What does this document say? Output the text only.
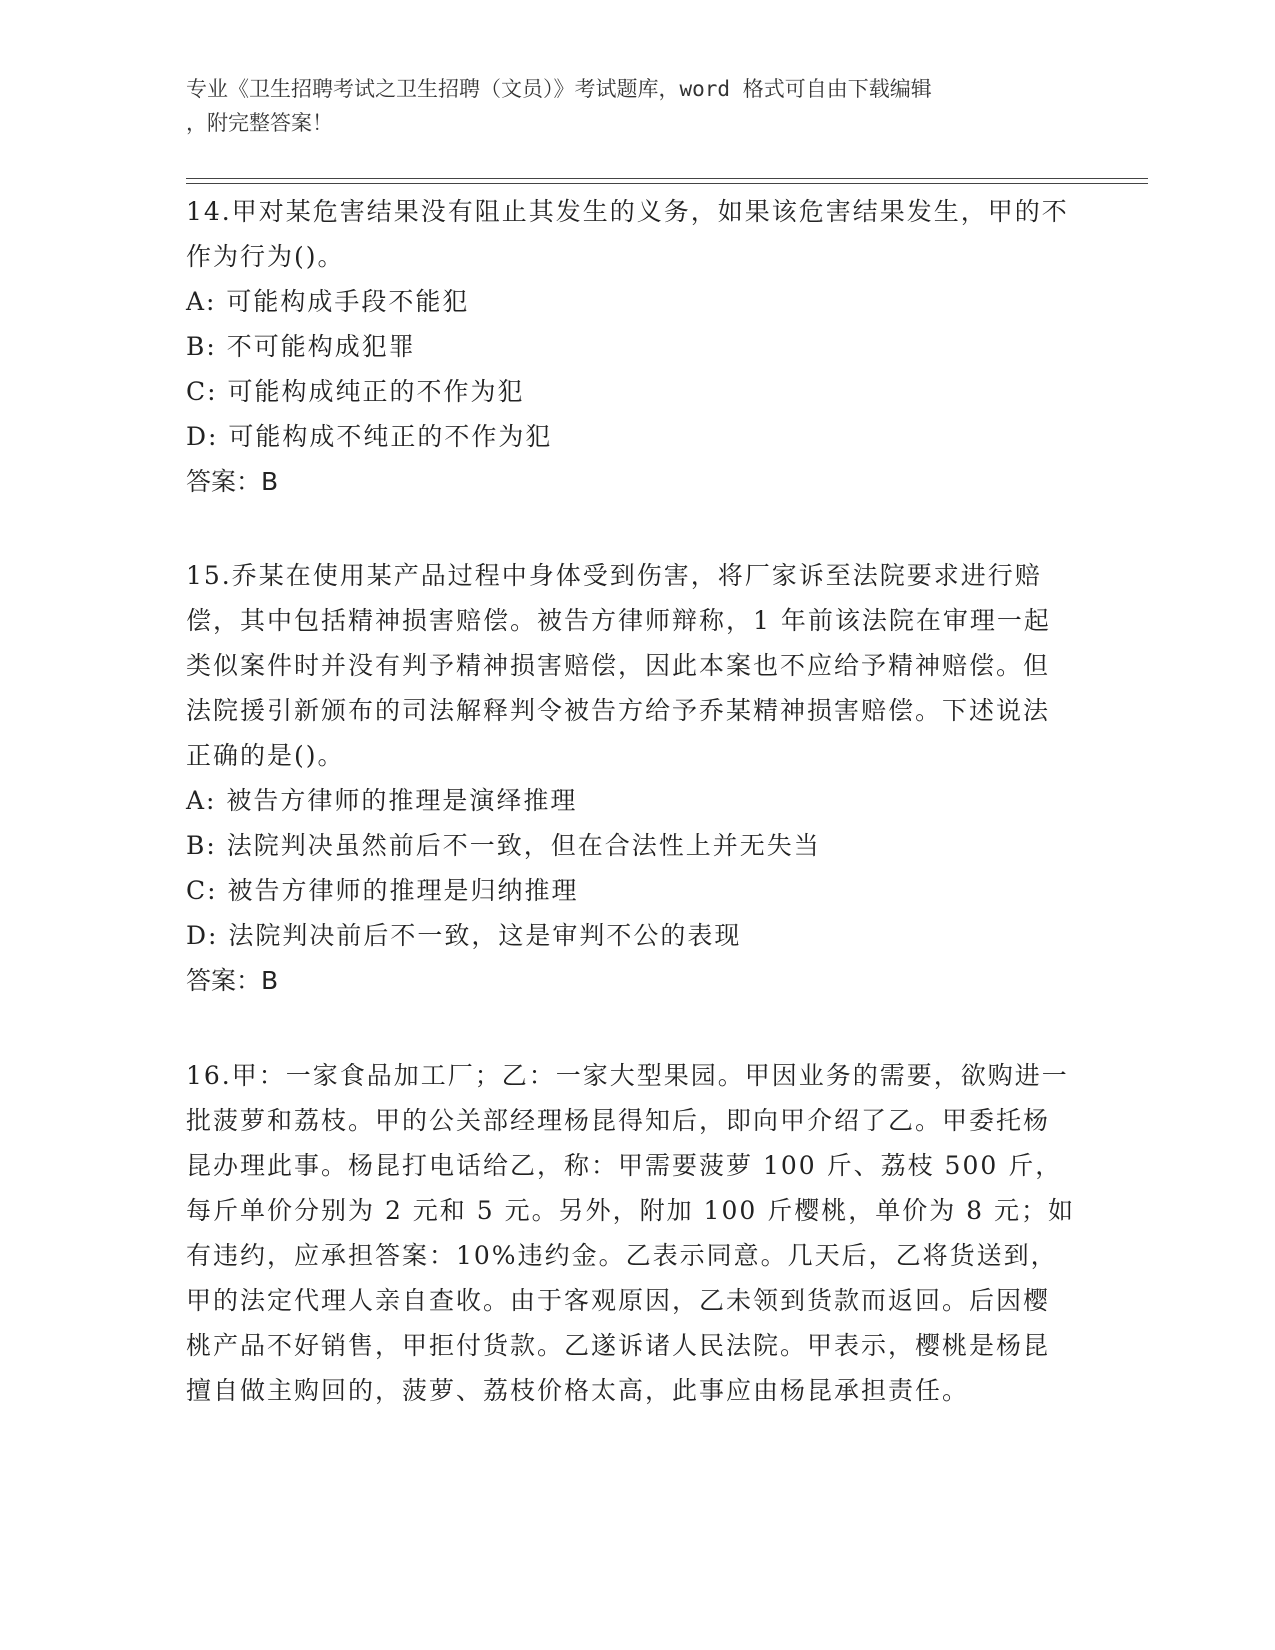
专业《卫生招聘考试之卫生招聘（文员）》考试题库，word 格式可自由下载编辑
，附完整答案！

14.甲对某危害结果没有阻止其发生的义务，如果该危害结果发生，甲的不作为行为()。

A: 可能构成手段不能犯

B: 不可能构成犯罪

C: 可能构成纯正的不作为犯

D: 可能构成不纯正的不作为犯

答案：B

15.乔某在使用某产品过程中身体受到伤害，将厂家诉至法院要求进行赔偿，其中包括精神损害赔偿。被告方律师辩称，1 年前该法院在审理一起类似案件时并没有判予精神损害赔偿，因此本案也不应给予精神赔偿。但法院援引新颁布的司法解释判令被告方给予乔某精神损害赔偿。下述说法正确的是()。

A: 被告方律师的推理是演绎推理

B: 法院判决虽然前后不一致，但在合法性上并无失当

C: 被告方律师的推理是归纳推理

D: 法院判决前后不一致，这是审判不公的表现

答案：B

16.甲：一家食品加工厂；乙：一家大型果园。甲因业务的需要，欲购进一批菠萝和荔枝。甲的公关部经理杨昆得知后，即向甲介绍了乙。甲委托杨昆办理此事。杨昆打电话给乙，称：甲需要菠萝 100 斤、荔枝 500 斤，每斤单价分别为 2 元和 5 元。另外，附加 100 斤樱桃，单价为 8 元；如有违约，应承担答案：10%违约金。乙表示同意。几天后，乙将货送到，甲的法定代理人亲自查收。由于客观原因，乙未领到货款而返回。后因樱桃产品不好销售，甲拒付货款。乙遂诉诸人民法院。甲表示，樱桃是杨昆擅自做主购回的，菠萝、荔枝价格太高，此事应由杨昆承担责任。
